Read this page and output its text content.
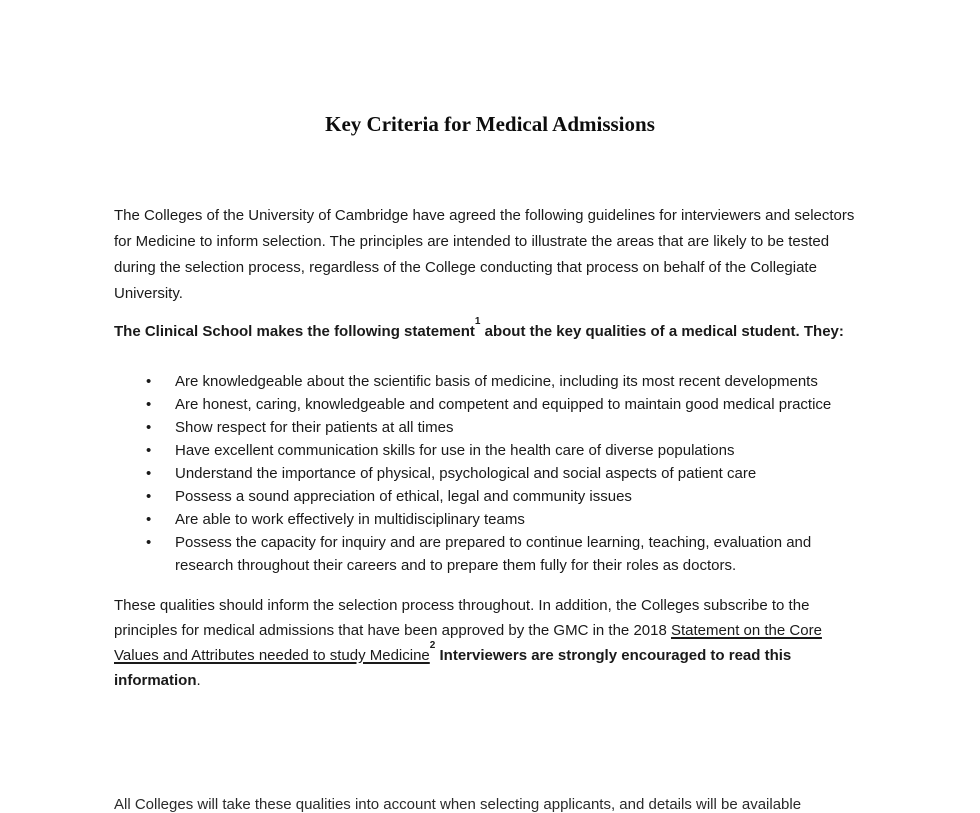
Key Criteria for Medical Admissions

The Colleges of the University of Cambridge have agreed the following guidelines for interviewers and selectors for Medicine to inform selection. The principles are intended to illustrate the areas that are likely to be tested during the selection process, regardless of the College conducting that process on behalf of the Collegiate University.

The Clinical School makes the following statement$^1$ about the key qualities of a medical student. They:

• Are knowledgeable about the scientific basis of medicine, including its most recent developments
• Are honest, caring, knowledgeable and competent and equipped to maintain good medical practice
• Show respect for their patients at all times
• Have excellent communication skills for use in the health care of diverse populations
• Understand the importance of physical, psychological and social aspects of patient care
• Possess a sound appreciation of ethical, legal and community issues
• Are able to work effectively in multidisciplinary teams
• Possess the capacity for inquiry and are prepared to continue learning, teaching, evaluation and research throughout their careers and to prepare them fully for their roles as doctors.

These qualities should inform the selection process throughout. In addition, the Colleges subscribe to the principles for medical admissions that have been approved by the GMC in the 2018 Statement on the Core Values and Attributes needed to study Medicine$^2$ Interviewers are strongly encouraged to read this information.

All Colleges will take these qualities into account when selecting applicants, and details will be available
